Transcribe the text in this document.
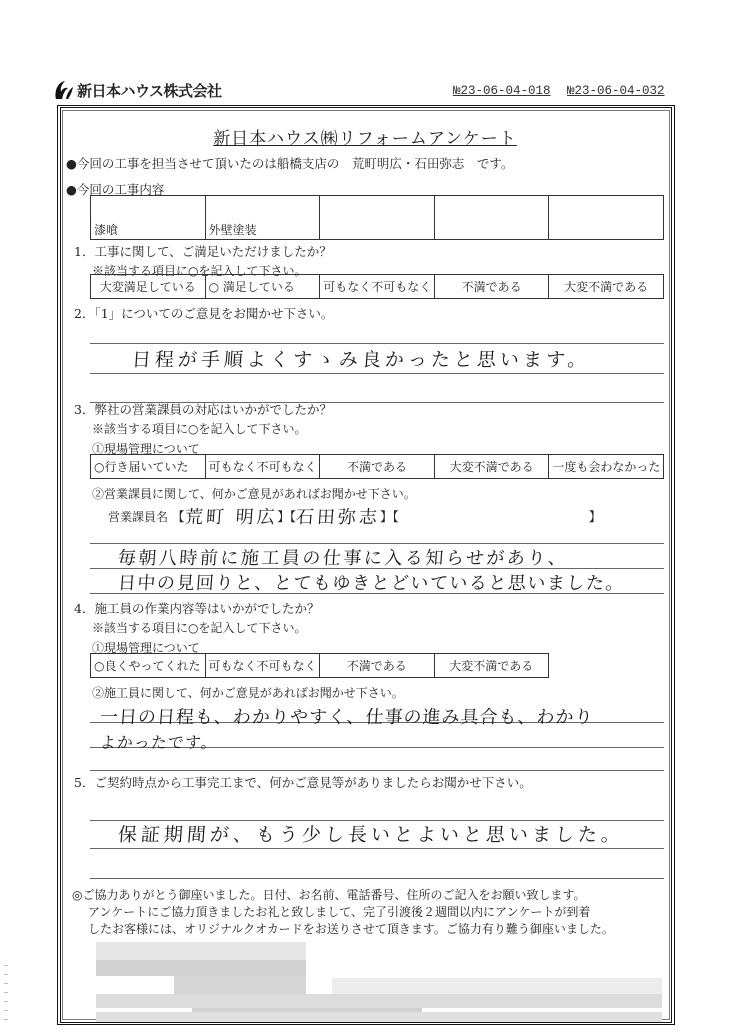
新日本ハウス株式会社	№23-06-04-018 №23-06-04-032
新日本ハウス㈱リフォームアンケート
●今回の工事を担当させて頂いたのは船橋支店の　荒町明広・石田弥志　です。
●今回の工事内容
漆喰	外壁塗装			
1．工事に関して、ご満足いただけましたか？
※該当する項目に○を記入して下さい。
大変満足している	○ 満足している	可もなく不可もなく	不満である	大変不満である
2．「1」についてのご意見をお聞かせ下さい。
日程が手順よくすゝみ良かったと思います。
3．弊社の営業課員の対応はいかがでしたか？
※該当する項目に○を記入して下さい。
①現場管理について
○行き届いていた	可もなく不可もなく	不満である	大変不満である	一度も会わなかった
②営業課員に関して、何かご意見があればお聞かせ下さい。
営業課員名 【 荒町 明広 】【 石田弥志 】【	】
毎朝八時前に施工員の仕事に入る知らせがあり、
日中の見回りと、とてもゆきとどいていると思いました。
4．施工員の作業内容等はいかがでしたか？
※該当する項目に○を記入して下さい。
①現場管理について
○良くやってくれた	可もなく不可もなく	不満である	大変不満である
②施工員に関して、何かご意見があればお聞かせ下さい。
一日の日程も、わかりやすく、仕事の進み具合も、わかり
よかったです。
5．ご契約時点から工事完工まで、何かご意見等がありましたらお聞かせ下さい。
保証期間が、もう少し長いとよいと思いました。
◎ご協力ありがとう御座いました。日付、お名前、電話番号、住所のご記入をお願い致します。
アンケートにご協力頂きましたお礼と致しまして、完了引渡後２週間以内にアンケートが到着
したお客様には、オリジナルクオカードをお送りさせて頂きます。ご協力有り難う御座いました。
